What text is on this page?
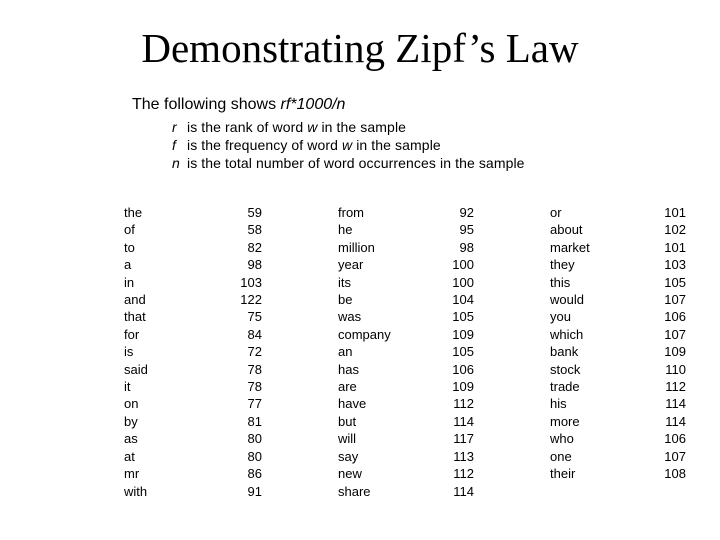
Demonstrating Zipf’s Law
The following shows rf*1000/n
r is the rank of word w in the sample
f is the frequency of word w in the sample
n is the total number of word occurrences in the sample
the
of
to
a
in
and
that
for
is
said
it
on
by
as
at
mr
with
59
58
82
98
103
122
75
84
72
78
78
77
81
80
80
86
91
from
he
million
year
its
be
was
company
an
has
are
have
but
will
say
new
share
92
95
98
100
100
104
105
109
105
106
109
112
114
117
113
112
114
or
about
market
they
this
would
you
which
bank
stock
trade
his
more
who
one
their
101
102
101
103
105
107
106
107
109
110
112
114
114
106
107
108
